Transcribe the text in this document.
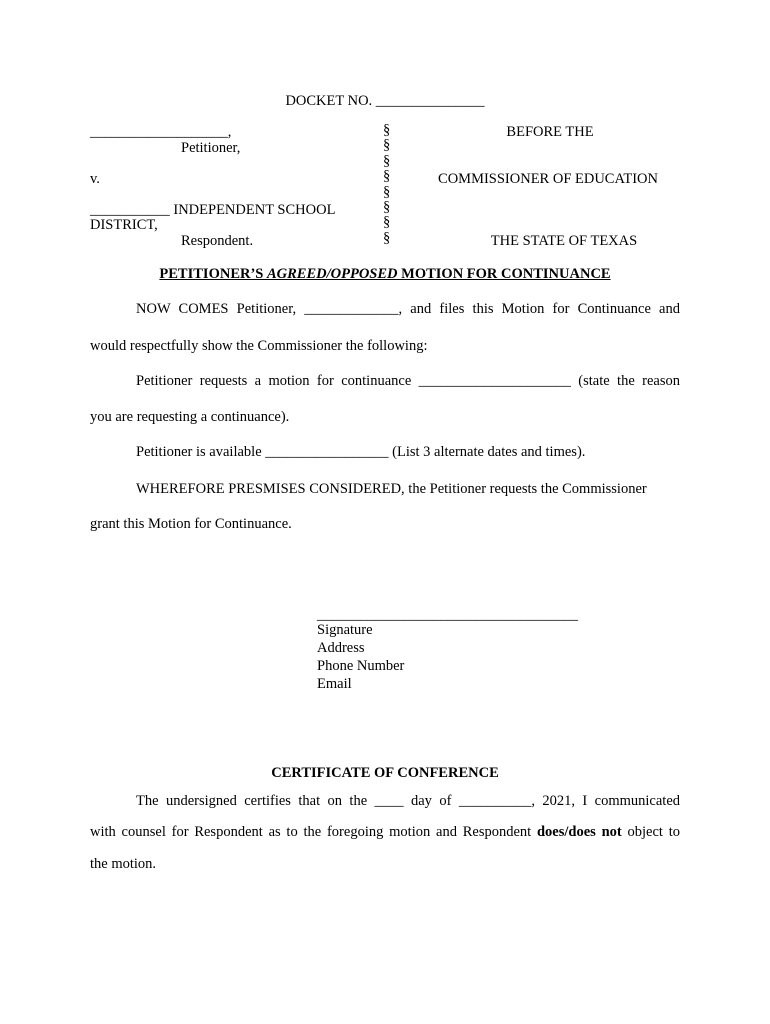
DOCKET NO. _______________
___________________,
Petitioner,
v.
___________ INDEPENDENT SCHOOL
DISTRICT,
Respondent.
§
§
§
§
§
§
§
§
BEFORE THE
COMMISSIONER OF EDUCATION
THE STATE OF TEXAS
PETITIONER’S AGREED/OPPOSED MOTION FOR CONTINUANCE
NOW COMES Petitioner, _____________, and files this Motion for Continuance and
would respectfully show the Commissioner the following:
Petitioner requests a motion for continuance _____________________ (state the reason
you are requesting a continuance).
Petitioner is available _________________ (List 3 alternate dates and times).
WHEREFORE PRESMISES CONSIDERED, the Petitioner requests the Commissioner
grant this Motion for Continuance.
____________________________________
Signature
Address
Phone Number
Email
CERTIFICATE OF CONFERENCE
The undersigned certifies that on the ____ day of __________, 2021, I communicated
with counsel for Respondent as to the foregoing motion and Respondent does/does not object to
the motion.
